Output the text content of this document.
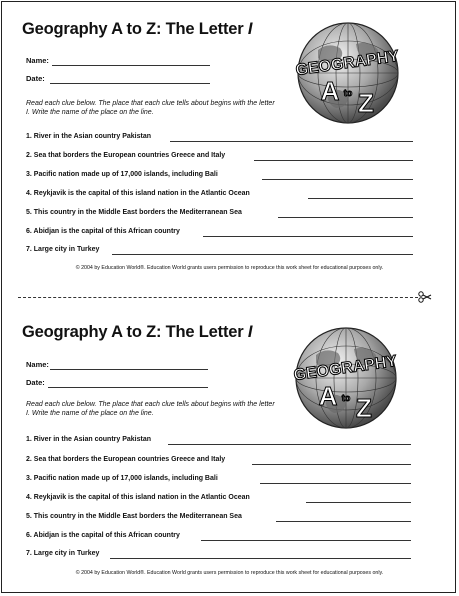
Geography A to Z: The Letter I
Name:
Date:
Read each clue below. The place that each clue tells about begins with the letter I. Write the name of the place on the line.
1. River in the Asian country Pakistan
2. Sea that borders the European countries Greece and Italy
3. Pacific nation made up of 17,000 islands, including Bali
4. Reykjavik is the capital of this island nation in the Atlantic Ocean
5. This country in the Middle East borders the Mediterranean Sea
6. Abidjan is the capital of this African country
7. Large city in Turkey
© 2004 by Education World®. Education World grants users permission to reproduce this work sheet for educational purposes only.
GEOGRAPHY
A to Z
Geography A to Z: The Letter I
Name:
Date:
Read each clue below. The place that each clue tells about begins with the letter I. Write the name of the place on the line.
1. River in the Asian country Pakistan
2. Sea that borders the European countries Greece and Italy
3. Pacific nation made up of 17,000 islands, including Bali
4. Reykjavik is the capital of this island nation in the Atlantic Ocean
5. This country in the Middle East borders the Mediterranean Sea
6. Abidjan is the capital of this African country
7. Large city in Turkey
© 2004 by Education World®. Education World grants users permission to reproduce this work sheet for educational purposes only.
GEOGRAPHY
A to Z
